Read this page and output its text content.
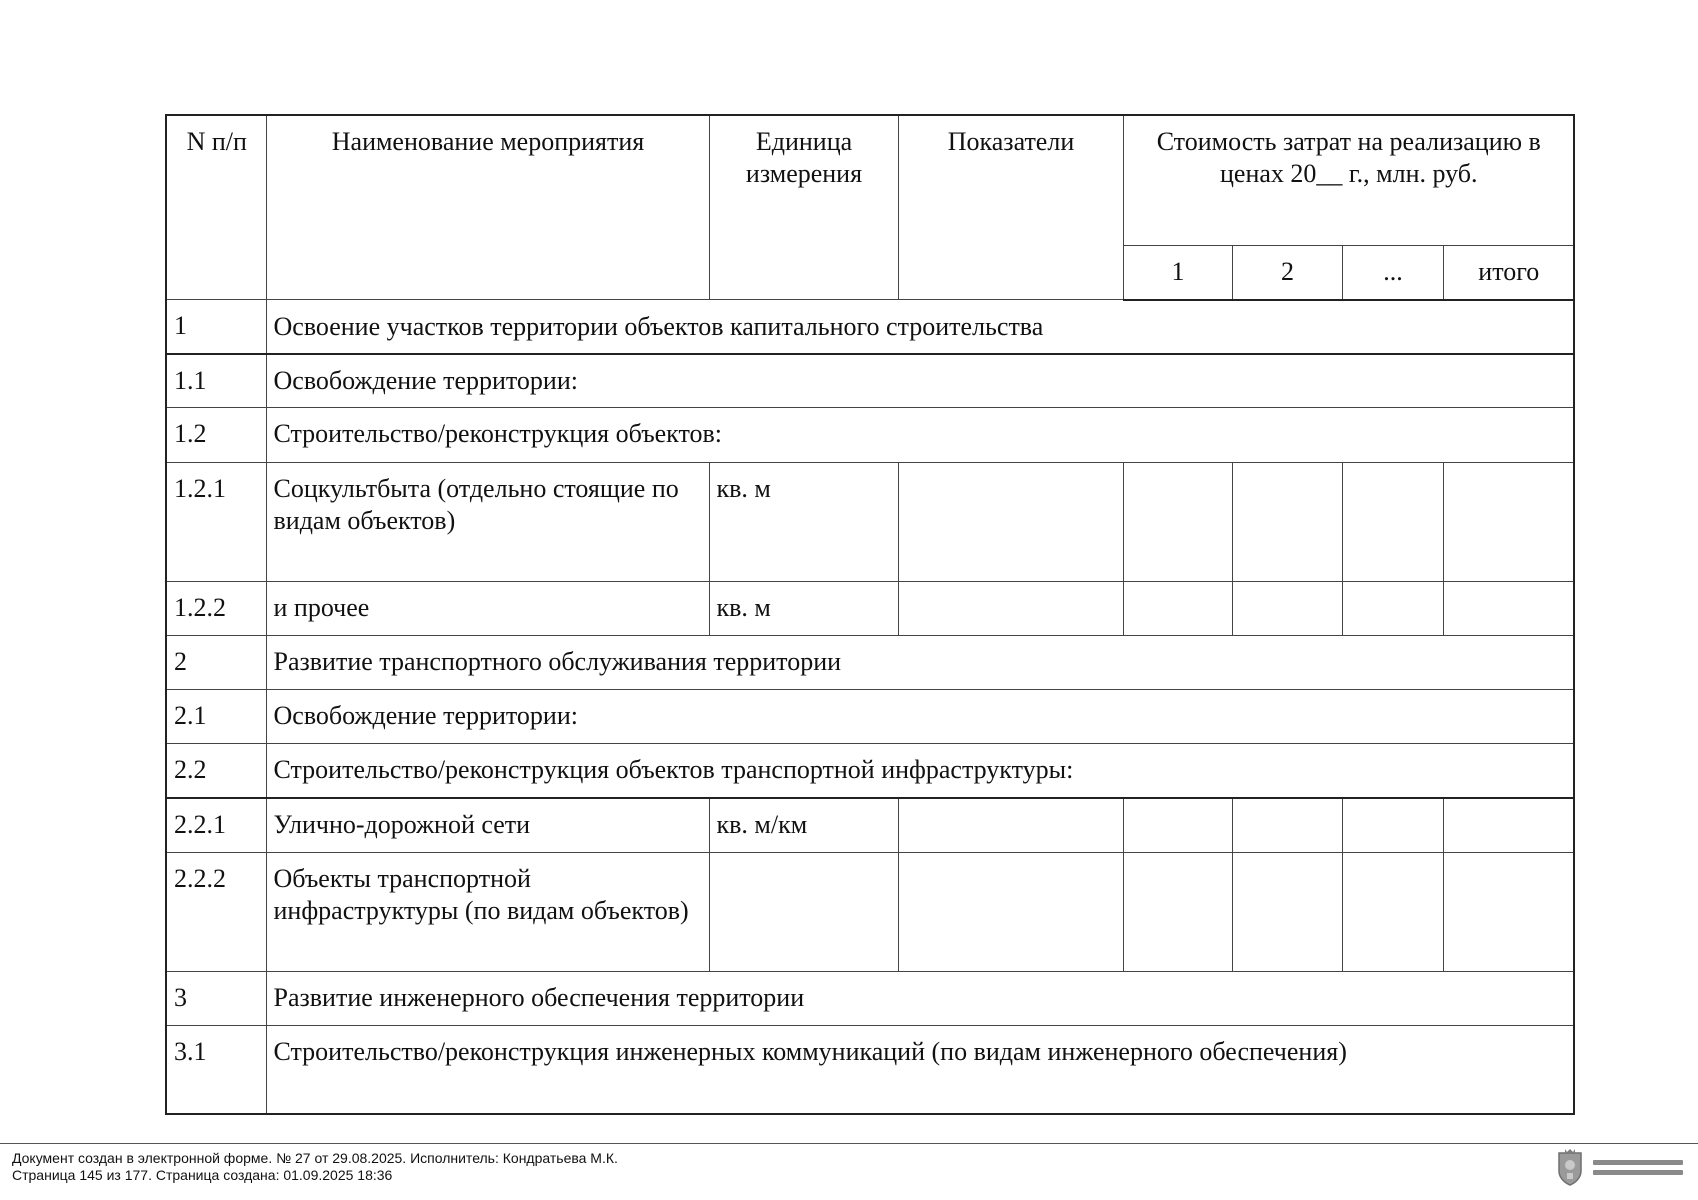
N п/п	Наименование мероприятия	Единица измерения	Показатели	Стоимость затрат на реализацию в ценах 20__ г., млн. руб.			
				1	2	...	итого
1	Освоение участков территории объектов капитального строительства						
1.1	Освобождение территории:						
1.2	Строительство/реконструкция объектов:						
1.2.1	Соцкультбыта (отдельно стоящие по видам объектов)	кв. м					
1.2.2	и прочее	кв. м					
2	Развитие транспортного обслуживания территории						
2.1	Освобождение территории:						
2.2	Строительство/реконструкция объектов транспортной инфраструктуры:						
2.2.1	Улично-дорожной сети	кв. м/км					
2.2.2	Объекты транспортной инфраструктуры (по видам объектов)						
3	Развитие инженерного обеспечения территории						
3.1	Строительство/реконструкция инженерных коммуникаций (по видам инженерного обеспечения)						
Документ создан в электронной форме. № 27 от 29.08.2025. Исполнитель: Кондратьева М.К.
Страница 145 из 177. Страница создана: 01.09.2025 18:36
